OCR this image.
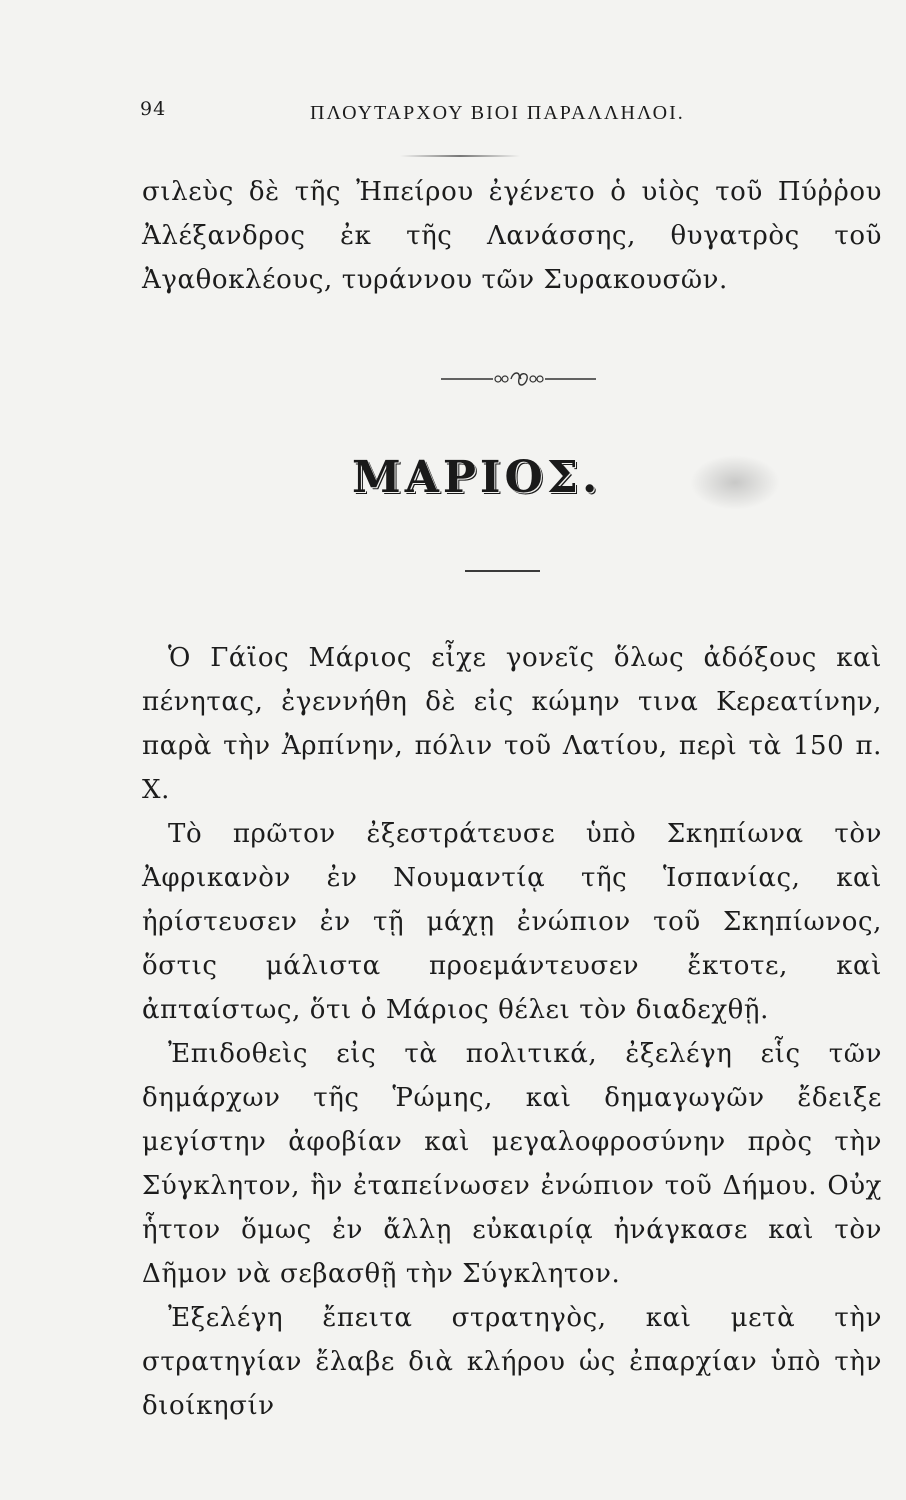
94	ΠΛΟΥΤΑΡΧΟΥ ΒΙΟΙ ΠΑΡΑΛΛΗΛΟΙ.

σιλεὺς δὲ τῆς Ἠπείρου ἐγένετο ὁ υἱὸς τοῦ Πύῤῥου Ἀλέξανδρος ἐκ τῆς Λανάσσης, θυγατρὸς τοῦ Ἀγαθοκλέους, τυράννου τῶν Συρακουσῶν.

ΜΑΡΙΟΣ.

Ὁ Γάϊος Μάριος εἶχε γονεῖς ὅλως ἀδόξους καὶ πένητας, ἐγεννήθη δὲ εἰς κώμην τινα Κερεατίνην, παρὰ τὴν Ἀρπίνην, πόλιν τοῦ Λατίου, περὶ τὰ 150 π. Χ.

Τὸ πρῶτον ἐξεστράτευσε ὑπὸ Σκηπίωνα τὸν Ἀφρικανὸν ἐν Νουμαντίᾳ τῆς Ἱσπανίας, καὶ ἠρίστευσεν ἐν τῇ μάχῃ ἐνώπιον τοῦ Σκηπίωνος, ὅστις μάλιστα προεμάντευσεν ἔκτοτε, καὶ ἀπταίστως, ὅτι ὁ Μάριος θέλει τὸν διαδεχθῇ.

Ἐπιδοθεὶς εἰς τὰ πολιτικά, ἐξελέγη εἷς τῶν δημάρχων τῆς Ῥώμης, καὶ δημαγωγῶν ἔδειξε μεγίστην ἀφοβίαν καὶ μεγαλοφροσύνην πρὸς τὴν Σύγκλητον, ἣν ἐταπείνωσεν ἐνώπιον τοῦ Δήμου. Οὐχ ἧττον ὅμως ἐν ἄλλῃ εὐκαιρίᾳ ἠνάγκασε καὶ τὸν Δῆμον νὰ σεβασθῇ τὴν Σύγκλητον.

Ἐξελέγη ἔπειτα στρατηγὸς, καὶ μετὰ τὴν στρατηγίαν ἔλαβε διὰ κλήρου ὡς ἐπαρχίαν ὑπὸ τὴν διοίκησίν
